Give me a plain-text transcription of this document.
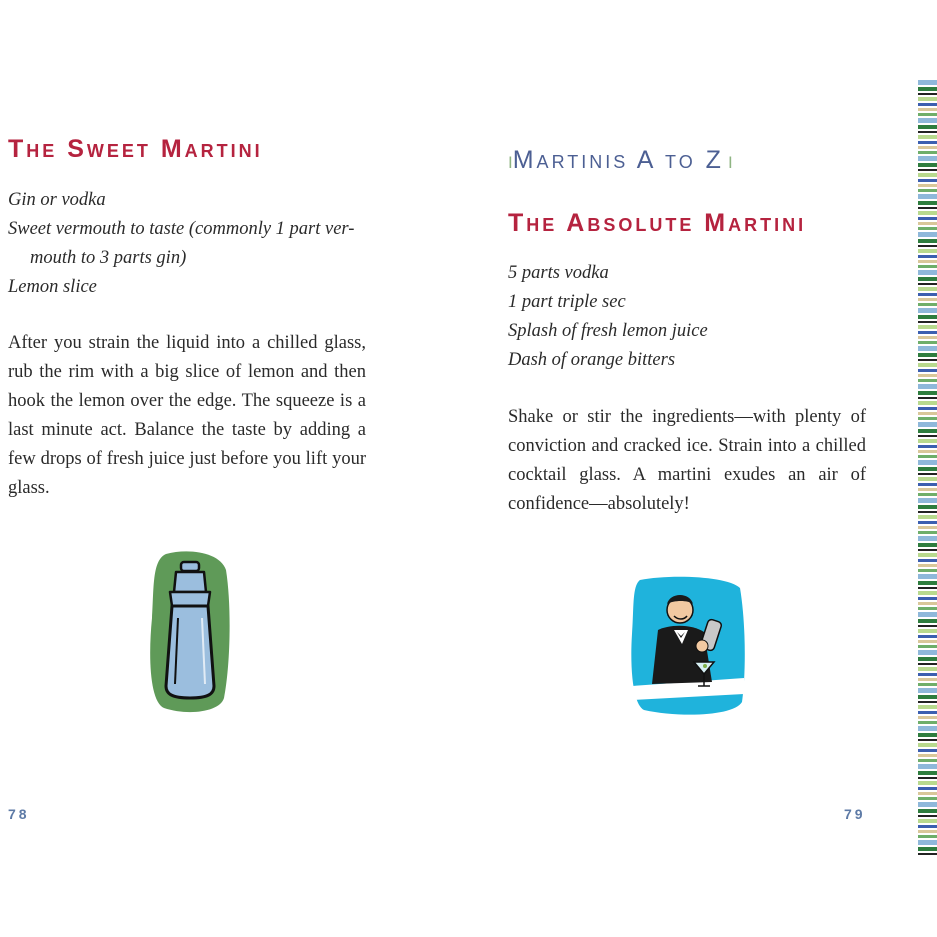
The Sweet Martini
Gin or vodka
Sweet vermouth to taste (commonly 1 part ver-
mouth to 3 parts gin)
Lemon slice

After you strain the liquid into a chilled glass, rub the rim with a big slice of lemon and then hook the lemon over the edge. The squeeze is a last minute act. Balance the taste by adding a few drops of fresh juice just before you lift your glass.

78
ıMartinis A to Z ı
The Absolute Martini
5 parts vodka
1 part triple sec
Splash of fresh lemon juice
Dash of orange bitters

Shake or stir the ingredients—with plenty of conviction and cracked ice. Strain into a chilled cocktail glass. A martini exudes an air of confidence—absolutely!

79
